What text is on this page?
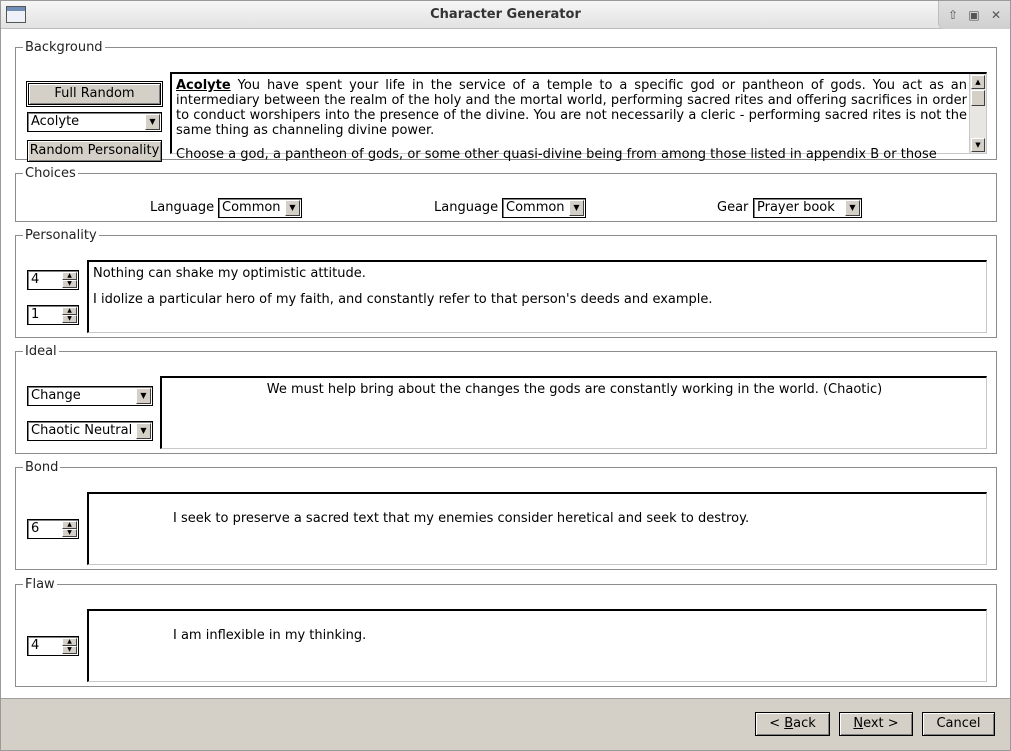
Character Generator	⇧ ▣ ✕
Background
Full Random
Acolyte	▼
Random Personality
Acolyte You have spent your life in the service of a temple to a specific god or pantheon of gods. You act as an intermediary between the realm of the holy and the mortal world, performing sacred rites and offering sacrifices in order to conduct worshipers into the presence of the divine. You are not necessarily a cleric - performing sacred rites is not the same thing as channeling divine power.
Choose a god, a pantheon of gods, or some other quasi-divine being from among those listed in appendix B or those
▲
▼
Choices
Language Common	▼	Language Common	▼	Gear Prayer book	▼
Personality
4	▲
▼
1	▲
▼
Nothing can shake my optimistic attitude.
I idolize a particular hero of my faith, and constantly refer to that person's deeds and example.
Ideal
Change	▼
Chaotic Neutral	▼
We must help bring about the changes the gods are constantly working in the world. (Chaotic)
Bond
6	▲
▼
I seek to preserve a sacred text that my enemies consider heretical and seek to destroy.
Flaw
4	▲
▼
I am inflexible in my thinking.
< Back	Next >	Cancel
